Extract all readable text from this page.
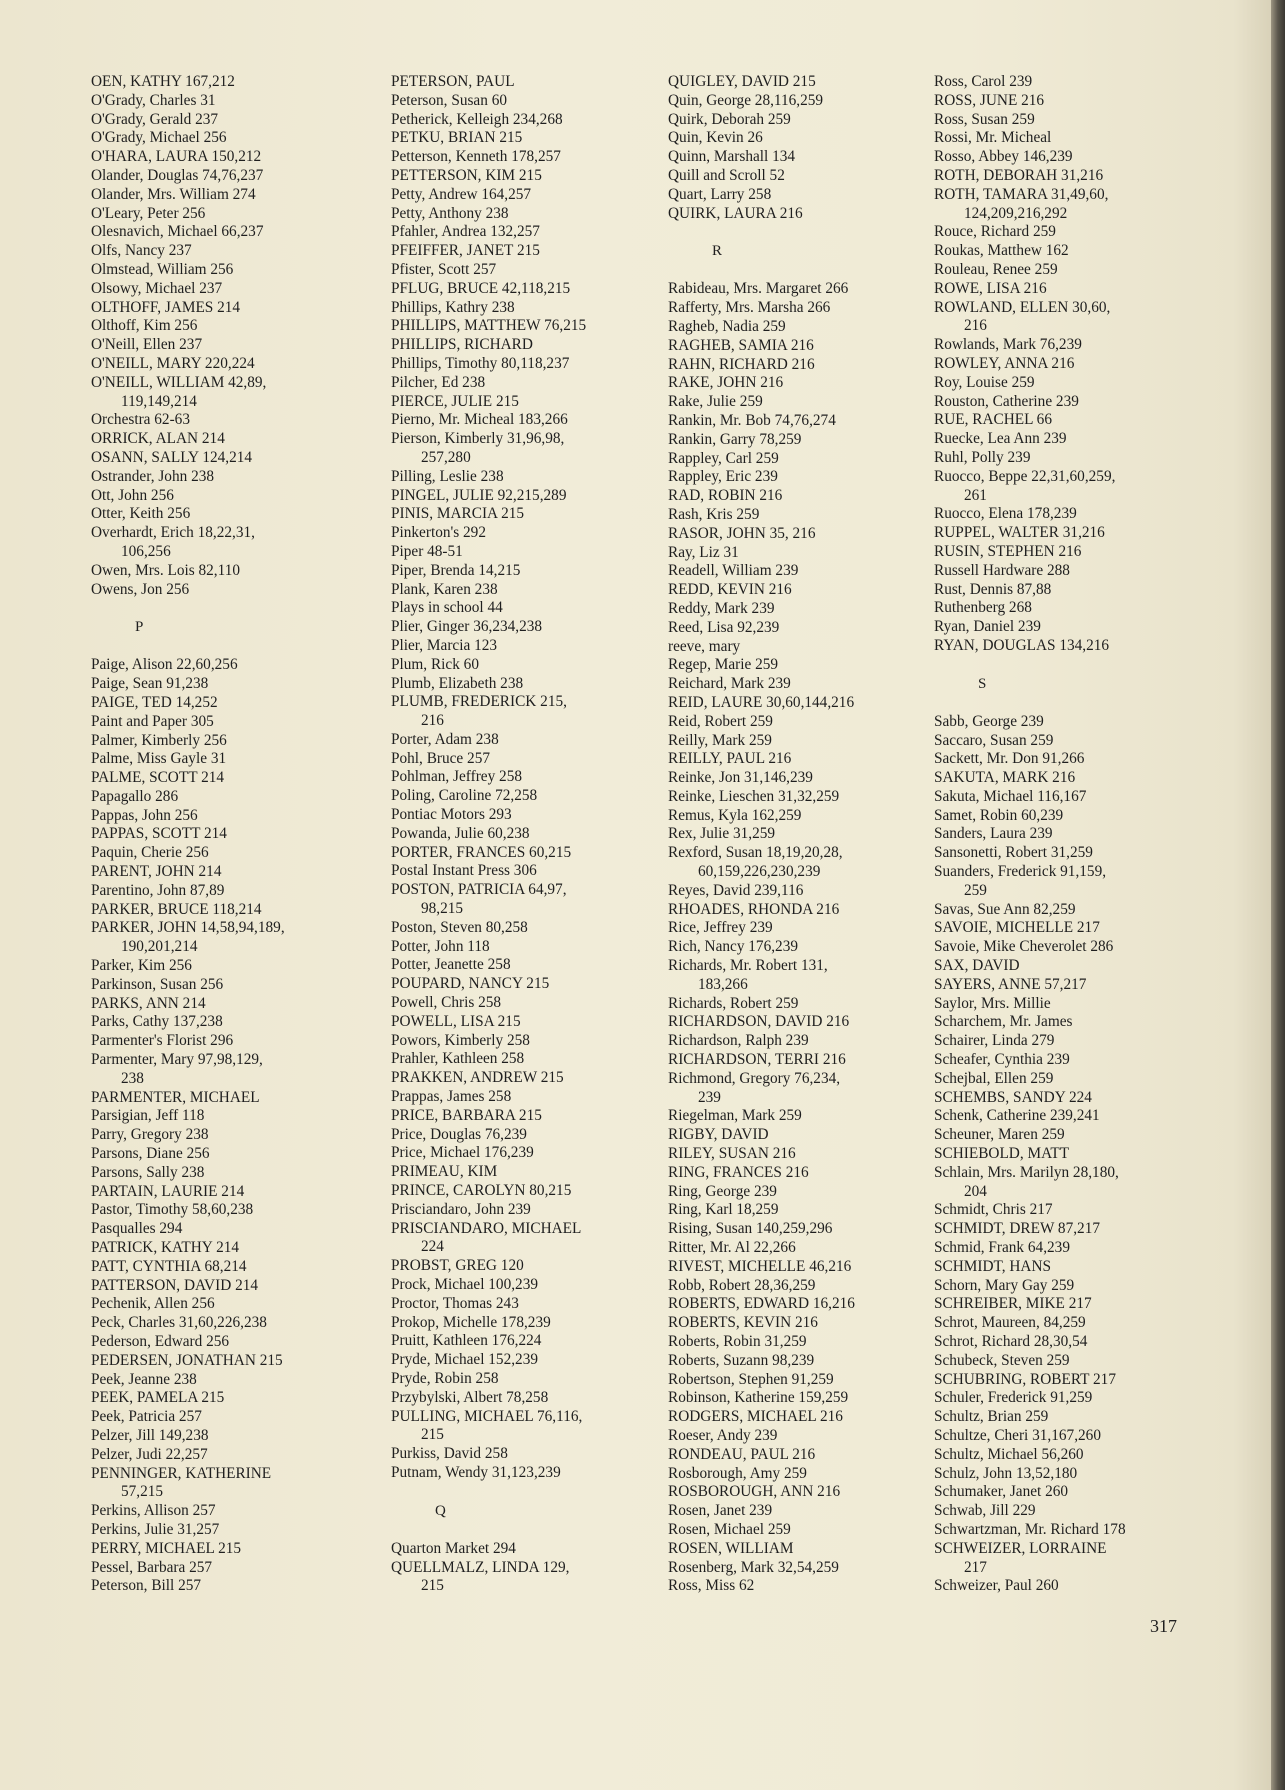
OEN, KATHY 167,212
O'Grady, Charles 31
O'Grady, Gerald 237
O'Grady, Michael 256
O'HARA, LAURA 150,212
Olander, Douglas 74,76,237
Olander, Mrs. William 274
O'Leary, Peter 256
Olesnavich, Michael 66,237
Olfs, Nancy 237
Olmstead, William 256
Olsowy, Michael 237
OLTHOFF, JAMES 214
Olthoff, Kim 256
O'Neill, Ellen 237
O'NEILL, MARY 220,224
O'NEILL, WILLIAM 42,89,
119,149,214
Orchestra 62-63
ORRICK, ALAN 214
OSANN, SALLY 124,214
Ostrander, John 238
Ott, John 256
Otter, Keith 256
Overhardt, Erich 18,22,31,
106,256
Owen, Mrs. Lois 82,110
Owens, Jon 256
P
Paige, Alison 22,60,256
Paige, Sean 91,238
PAIGE, TED 14,252
Paint and Paper 305
Palmer, Kimberly 256
Palme, Miss Gayle 31
PALME, SCOTT 214
Papagallo 286
Pappas, John 256
PAPPAS, SCOTT 214
Paquin, Cherie 256
PARENT, JOHN 214
Parentino, John 87,89
PARKER, BRUCE 118,214
PARKER, JOHN 14,58,94,189,
190,201,214
Parker, Kim 256
Parkinson, Susan 256
PARKS, ANN 214
Parks, Cathy 137,238
Parmenter's Florist 296
Parmenter, Mary 97,98,129,
238
PARMENTER, MICHAEL
Parsigian, Jeff 118
Parry, Gregory 238
Parsons, Diane 256
Parsons, Sally 238
PARTAIN, LAURIE 214
Pastor, Timothy 58,60,238
Pasqualles 294
PATRICK, KATHY 214
PATT, CYNTHIA 68,214
PATTERSON, DAVID 214
Pechenik, Allen 256
Peck, Charles 31,60,226,238
Pederson, Edward 256
PEDERSEN, JONATHAN 215
Peek, Jeanne 238
PEEK, PAMELA 215
Peek, Patricia 257
Pelzer, Jill 149,238
Pelzer, Judi 22,257
PENNINGER, KATHERINE
57,215
Perkins, Allison 257
Perkins, Julie 31,257
PERRY, MICHAEL 215
Pessel, Barbara 257
Peterson, Bill 257
PETERSON, PAUL
Peterson, Susan 60
Petherick, Kelleigh 234,268
PETKU, BRIAN 215
Petterson, Kenneth 178,257
PETTERSON, KIM 215
Petty, Andrew 164,257
Petty, Anthony 238
Pfahler, Andrea 132,257
PFEIFFER, JANET 215
Pfister, Scott 257
PFLUG, BRUCE 42,118,215
Phillips, Kathry 238
PHILLIPS, MATTHEW 76,215
PHILLIPS, RICHARD
Phillips, Timothy 80,118,237
Pilcher, Ed 238
PIERCE, JULIE 215
Pierno, Mr. Micheal 183,266
Pierson, Kimberly 31,96,98,
257,280
Pilling, Leslie 238
PINGEL, JULIE 92,215,289
PINIS, MARCIA 215
Pinkerton's 292
Piper 48-51
Piper, Brenda 14,215
Plank, Karen 238
Plays in school 44
Plier, Ginger 36,234,238
Plier, Marcia 123
Plum, Rick 60
Plumb, Elizabeth 238
PLUMB, FREDERICK 215,
216
Porter, Adam 238
Pohl, Bruce 257
Pohlman, Jeffrey 258
Poling, Caroline 72,258
Pontiac Motors 293
Powanda, Julie 60,238
PORTER, FRANCES 60,215
Postal Instant Press 306
POSTON, PATRICIA 64,97,
98,215
Poston, Steven 80,258
Potter, John 118
Potter, Jeanette 258
POUPARD, NANCY 215
Powell, Chris 258
POWELL, LISA 215
Powors, Kimberly 258
Prahler, Kathleen 258
PRAKKEN, ANDREW 215
Prappas, James 258
PRICE, BARBARA 215
Price, Douglas 76,239
Price, Michael 176,239
PRIMEAU, KIM
PRINCE, CAROLYN 80,215
Prisciandaro, John 239
PRISCIANDARO, MICHAEL
224
PROBST, GREG 120
Prock, Michael 100,239
Proctor, Thomas 243
Prokop, Michelle 178,239
Pruitt, Kathleen 176,224
Pryde, Michael 152,239
Pryde, Robin 258
Przybylski, Albert 78,258
PULLING, MICHAEL 76,116,
215
Purkiss, David 258
Putnam, Wendy 31,123,239
Q
Quarton Market 294
QUELLMALZ, LINDA 129,
215
QUIGLEY, DAVID 215
Quin, George 28,116,259
Quirk, Deborah 259
Quin, Kevin 26
Quinn, Marshall 134
Quill and Scroll 52
Quart, Larry 258
QUIRK, LAURA 216
R
Rabideau, Mrs. Margaret 266
Rafferty, Mrs. Marsha 266
Ragheb, Nadia 259
RAGHEB, SAMIA 216
RAHN, RICHARD 216
RAKE, JOHN 216
Rake, Julie 259
Rankin, Mr. Bob 74,76,274
Rankin, Garry 78,259
Rappley, Carl 259
Rappley, Eric 239
RAD, ROBIN 216
Rash, Kris 259
RASOR, JOHN 35, 216
Ray, Liz 31
Readell, William 239
REDD, KEVIN 216
Reddy, Mark 239
Reed, Lisa 92,239
reeve, mary
Regep, Marie 259
Reichard, Mark 239
REID, LAURE 30,60,144,216
Reid, Robert 259
Reilly, Mark 259
REILLY, PAUL 216
Reinke, Jon 31,146,239
Reinke, Lieschen 31,32,259
Remus, Kyla 162,259
Rex, Julie 31,259
Rexford, Susan 18,19,20,28,
60,159,226,230,239
Reyes, David 239,116
RHOADES, RHONDA 216
Rice, Jeffrey 239
Rich, Nancy 176,239
Richards, Mr. Robert 131,
183,266
Richards, Robert 259
RICHARDSON, DAVID 216
Richardson, Ralph 239
RICHARDSON, TERRI 216
Richmond, Gregory 76,234,
239
Riegelman, Mark 259
RIGBY, DAVID
RILEY, SUSAN 216
RING, FRANCES 216
Ring, George 239
Ring, Karl 18,259
Rising, Susan 140,259,296
Ritter, Mr. Al 22,266
RIVEST, MICHELLE 46,216
Robb, Robert 28,36,259
ROBERTS, EDWARD 16,216
ROBERTS, KEVIN 216
Roberts, Robin 31,259
Roberts, Suzann 98,239
Robertson, Stephen 91,259
Robinson, Katherine 159,259
RODGERS, MICHAEL 216
Roeser, Andy 239
RONDEAU, PAUL 216
Rosborough, Amy 259
ROSBOROUGH, ANN 216
Rosen, Janet 239
Rosen, Michael 259
ROSEN, WILLIAM
Rosenberg, Mark 32,54,259
Ross, Miss 62
Ross, Carol 239
ROSS, JUNE 216
Ross, Susan 259
Rossi, Mr. Micheal
Rosso, Abbey 146,239
ROTH, DEBORAH 31,216
ROTH, TAMARA 31,49,60,
124,209,216,292
Rouce, Richard 259
Roukas, Matthew 162
Rouleau, Renee 259
ROWE, LISA 216
ROWLAND, ELLEN 30,60,
216
Rowlands, Mark 76,239
ROWLEY, ANNA 216
Roy, Louise 259
Rouston, Catherine 239
RUE, RACHEL 66
Ruecke, Lea Ann 239
Ruhl, Polly 239
Ruocco, Beppe 22,31,60,259,
261
Ruocco, Elena 178,239
RUPPEL, WALTER 31,216
RUSIN, STEPHEN 216
Russell Hardware 288
Rust, Dennis 87,88
Ruthenberg 268
Ryan, Daniel 239
RYAN, DOUGLAS 134,216
S
Sabb, George 239
Saccaro, Susan 259
Sackett, Mr. Don 91,266
SAKUTA, MARK 216
Sakuta, Michael 116,167
Samet, Robin 60,239
Sanders, Laura 239
Sansonetti, Robert 31,259
Suanders, Frederick 91,159,
259
Savas, Sue Ann 82,259
SAVOIE, MICHELLE 217
Savoie, Mike Cheverolet 286
SAX, DAVID
SAYERS, ANNE 57,217
Saylor, Mrs. Millie
Scharchem, Mr. James
Schairer, Linda 279
Scheafer, Cynthia 239
Schejbal, Ellen 259
SCHEMBS, SANDY 224
Schenk, Catherine 239,241
Scheuner, Maren 259
SCHIEBOLD, MATT
Schlain, Mrs. Marilyn 28,180,
204
Schmidt, Chris 217
SCHMIDT, DREW 87,217
Schmid, Frank 64,239
SCHMIDT, HANS
Schorn, Mary Gay 259
SCHREIBER, MIKE 217
Schrot, Maureen, 84,259
Schrot, Richard 28,30,54
Schubeck, Steven 259
SCHUBRING, ROBERT 217
Schuler, Frederick 91,259
Schultz, Brian 259
Schultze, Cheri 31,167,260
Schultz, Michael 56,260
Schulz, John 13,52,180
Schumaker, Janet 260
Schwab, Jill 229
Schwartzman, Mr. Richard 178
SCHWEIZER, LORRAINE
217
Schweizer, Paul 260
317
